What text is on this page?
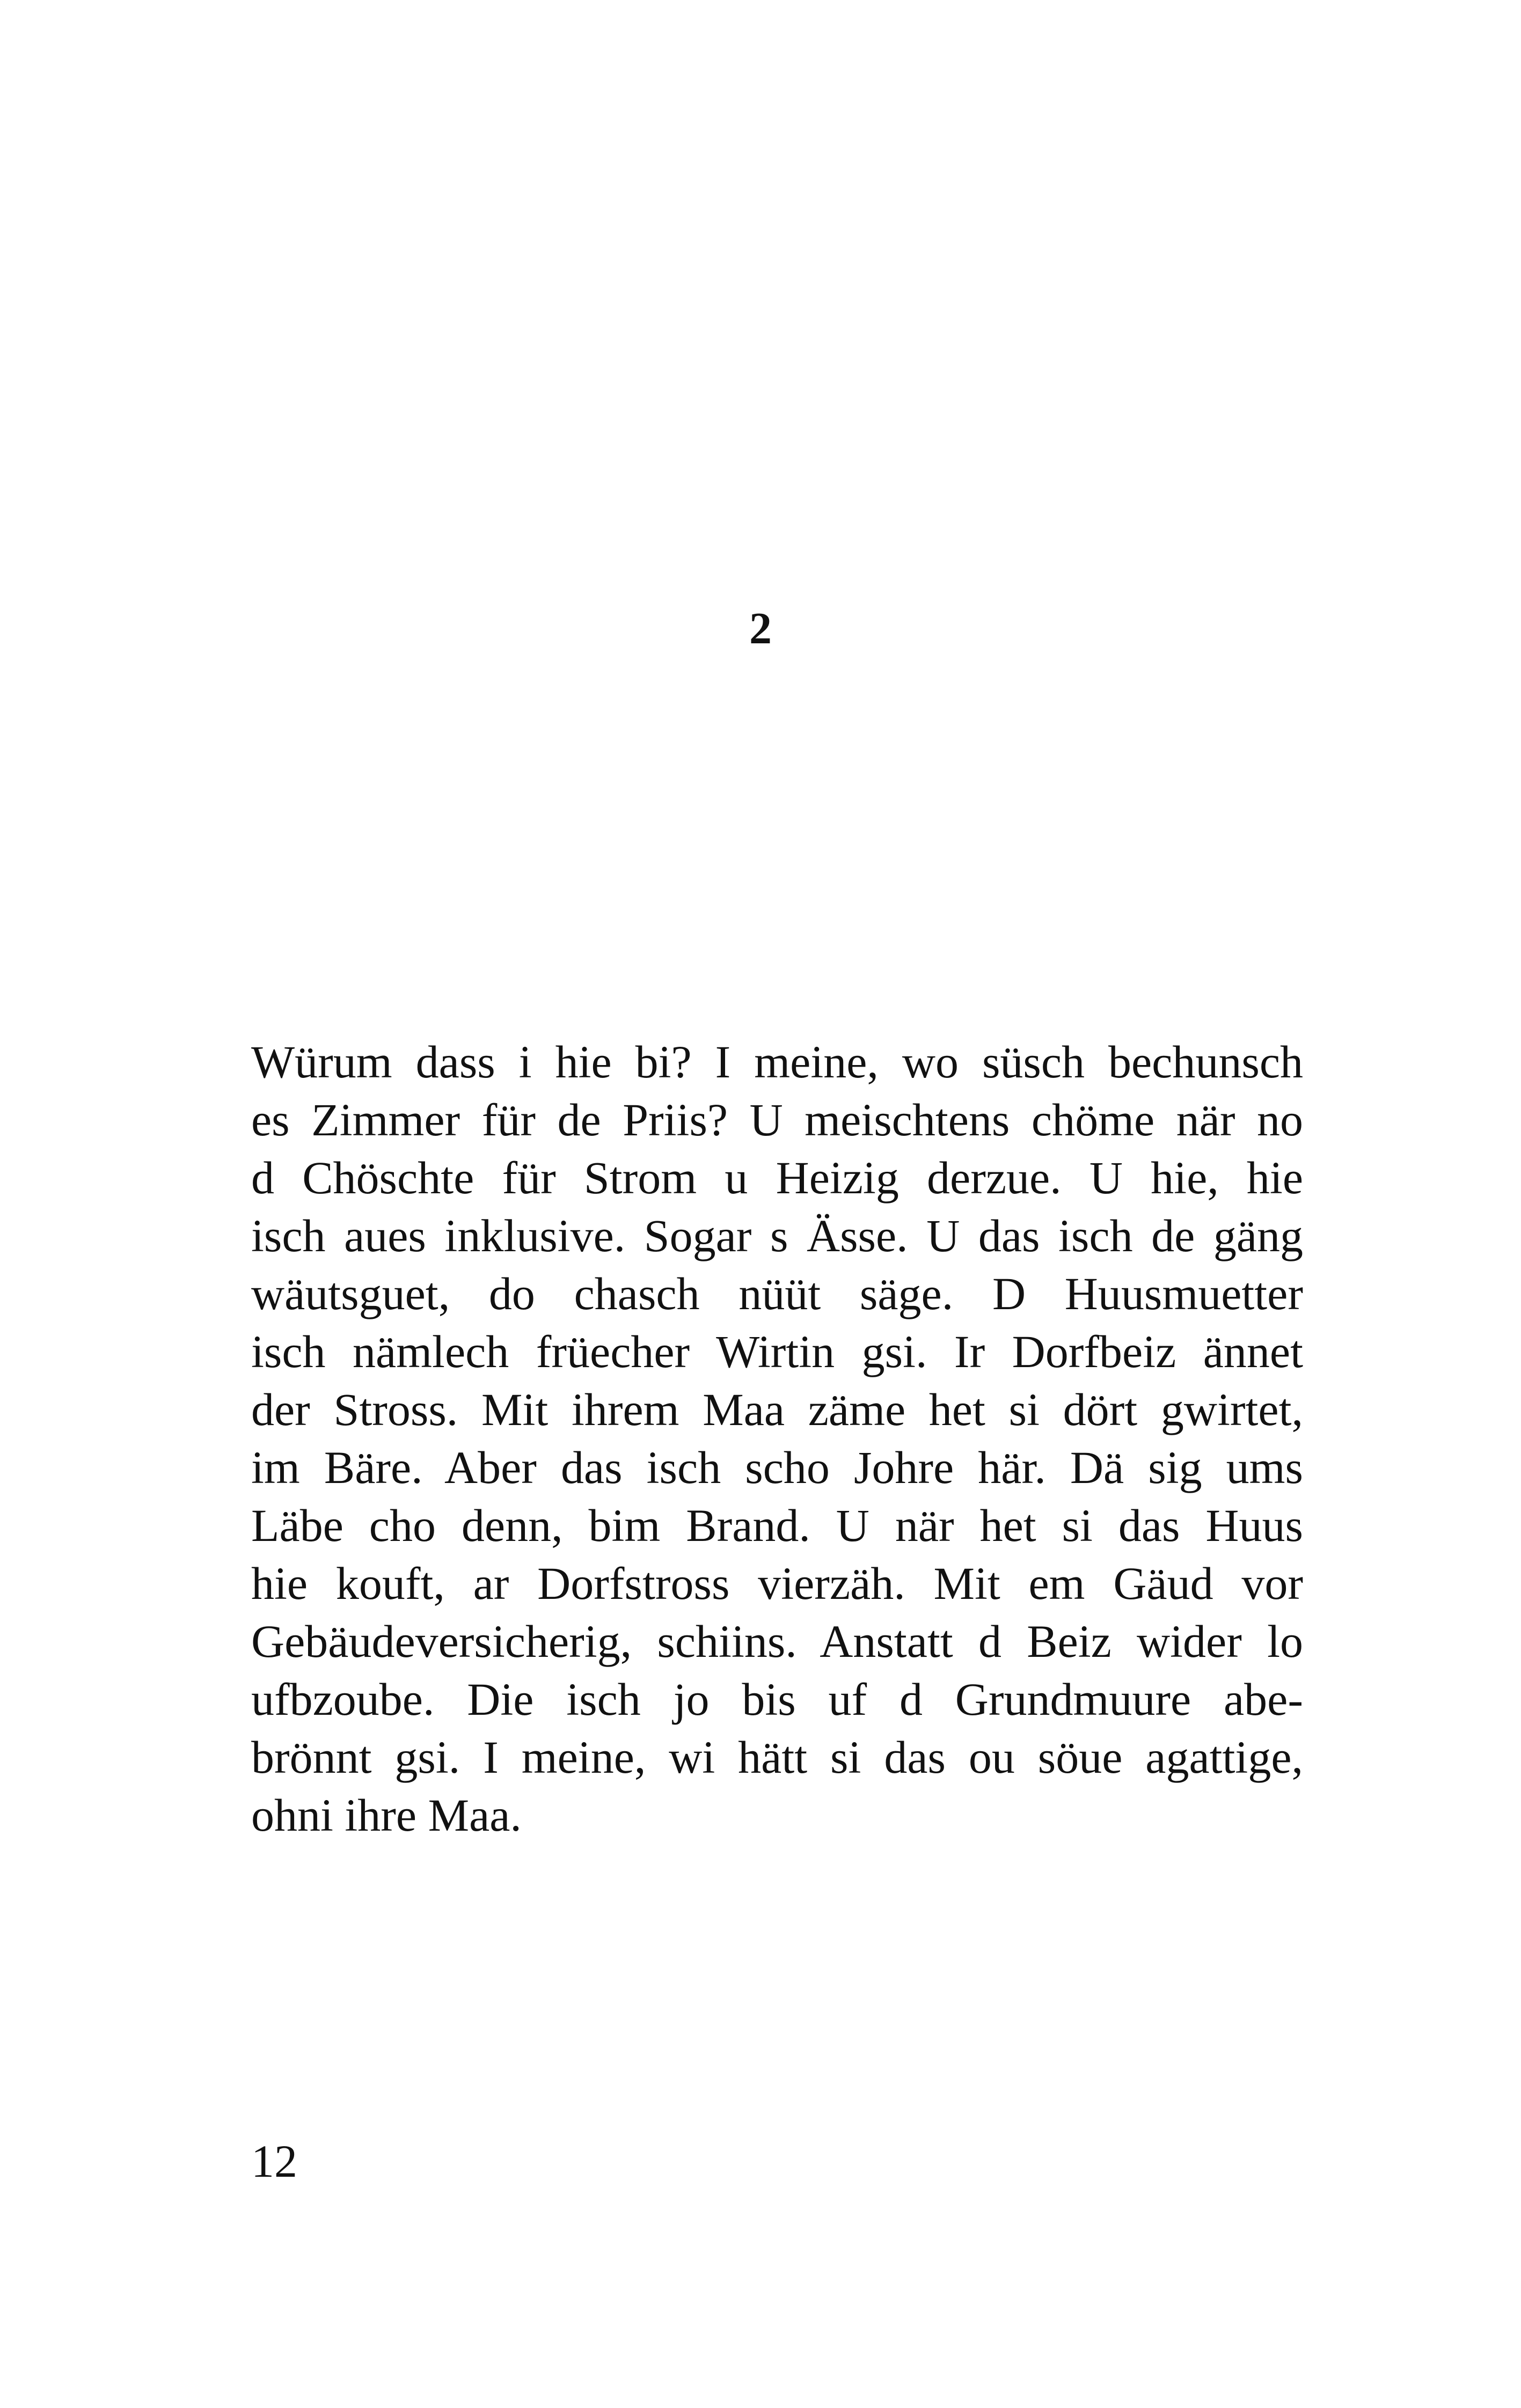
2
Würum dass i hie bi? I meine, wo süsch bechunsch
es Zimmer für de Priis? U meischtens chöme när no
d Chöschte für Strom u Heizig derzue. U hie, hie
isch aues inklusive. Sogar s Ässe. U das isch de gäng
wäutsguet, do chasch nüüt säge. D Huusmuetter
isch nämlech früecher Wirtin gsi. Ir Dorfbeiz ännet
der Stross. Mit ihrem Maa zäme het si dört gwirtet,
im Bäre. Aber das isch scho Johre här. Dä sig ums
Läbe cho denn, bim Brand. U när het si das Huus
hie kouft, ar Dorfstross vierzäh. Mit em Gäud vor
Gebäudeversicherig, schiins. Anstatt d Beiz wider lo
ufbzoube. Die isch jo bis uf d Grundmuure abe-
brönnt gsi. I meine, wi hätt si das ou söue agattige,
ohni ihre Maa.
12
